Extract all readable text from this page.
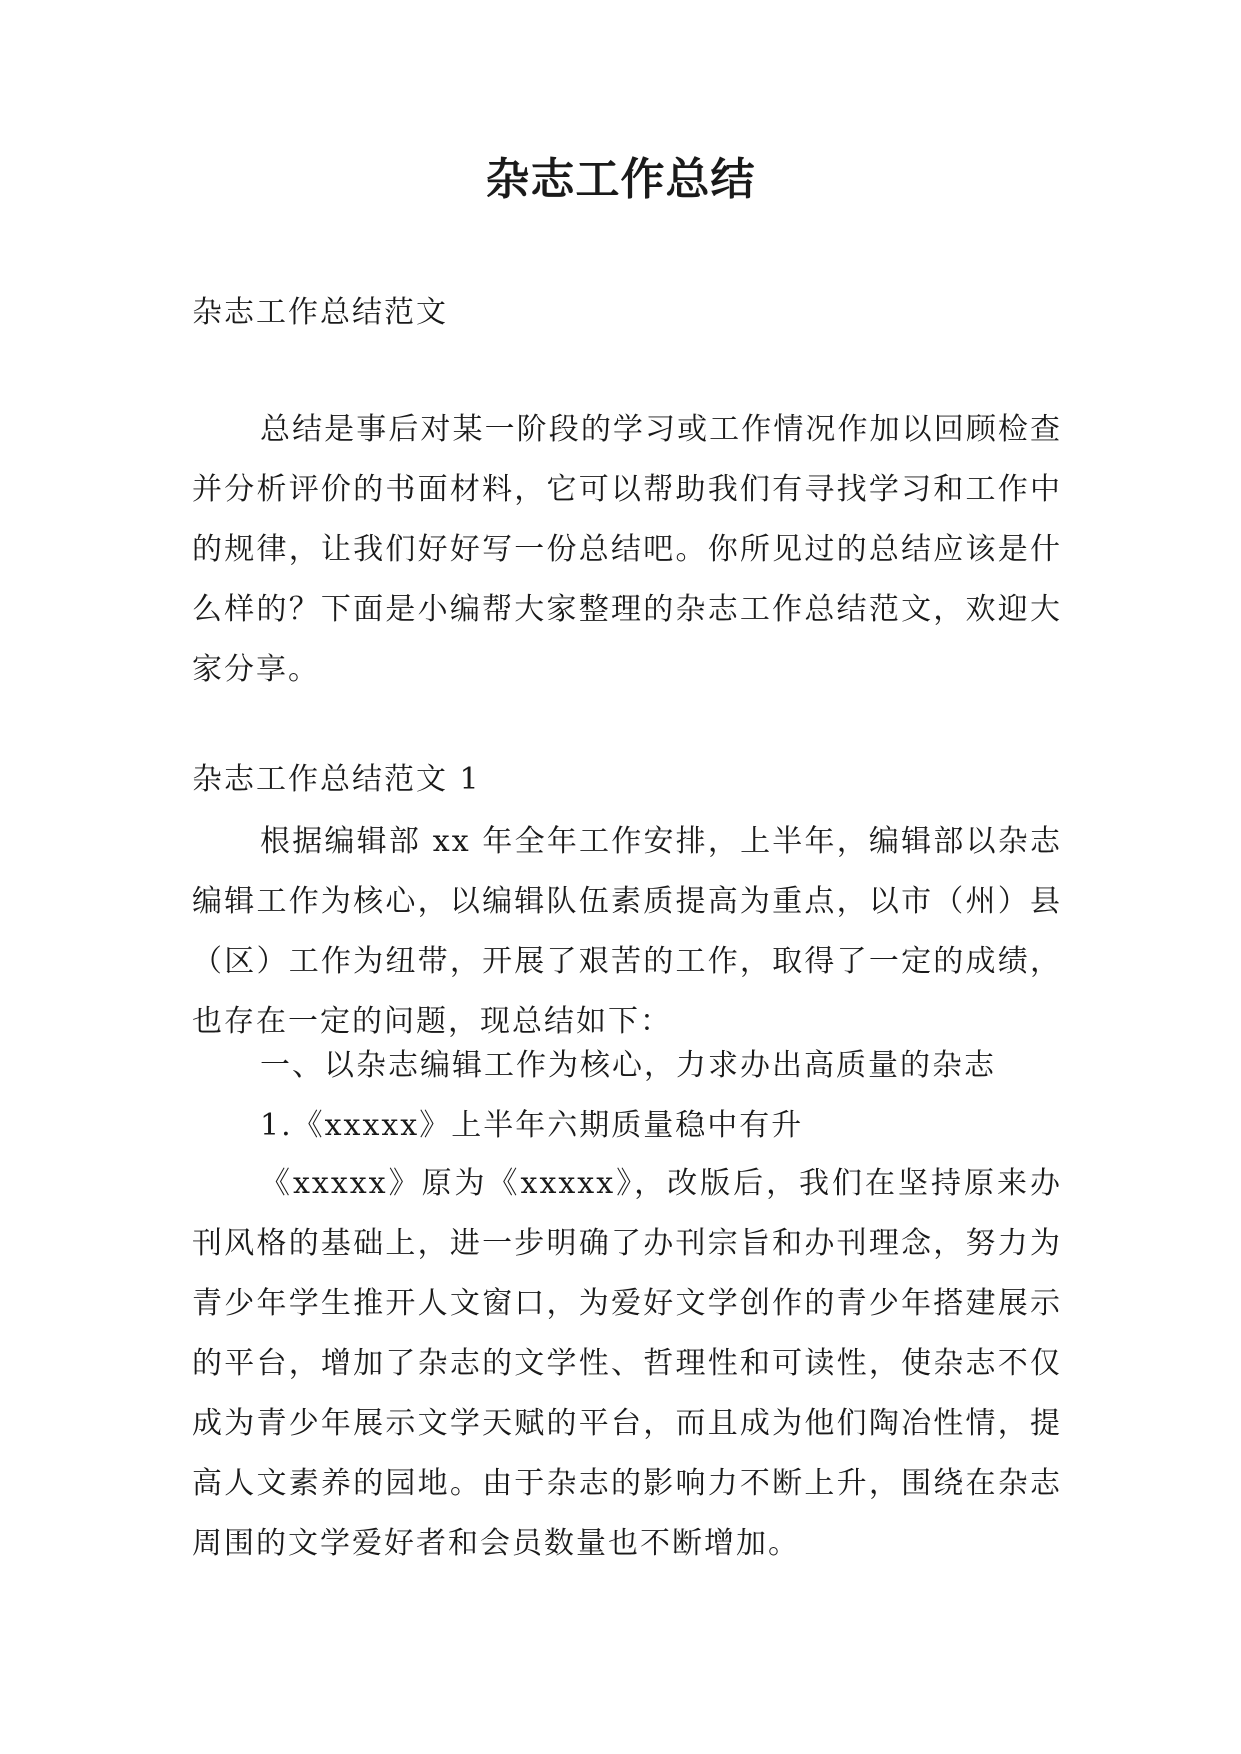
杂志工作总结

杂志工作总结范文

总结是事后对某一阶段的学习或工作情况作加以回顾检查并分析评价的书面材料，它可以帮助我们有寻找学习和工作中的规律，让我们好好写一份总结吧。你所见过的总结应该是什么样的？下面是小编帮大家整理的杂志工作总结范文，欢迎大家分享。

杂志工作总结范文 1

根据编辑部 xx 年全年工作安排，上半年，编辑部以杂志编辑工作为核心，以编辑队伍素质提高为重点，以市（州）县（区）工作为纽带，开展了艰苦的工作，取得了一定的成绩，也存在一定的问题，现总结如下：

一、以杂志编辑工作为核心，力求办出高质量的杂志

1.《xxxxx》上半年六期质量稳中有升

《xxxxx》原为《xxxxx》，改版后，我们在坚持原来办刊风格的基础上，进一步明确了办刊宗旨和办刊理念，努力为青少年学生推开人文窗口，为爱好文学创作的青少年搭建展示的平台，增加了杂志的文学性、哲理性和可读性，使杂志不仅成为青少年展示文学天赋的平台，而且成为他们陶冶性情，提高人文素养的园地。由于杂志的影响力不断上升，围绕在杂志周围的文学爱好者和会员数量也不断增加。
